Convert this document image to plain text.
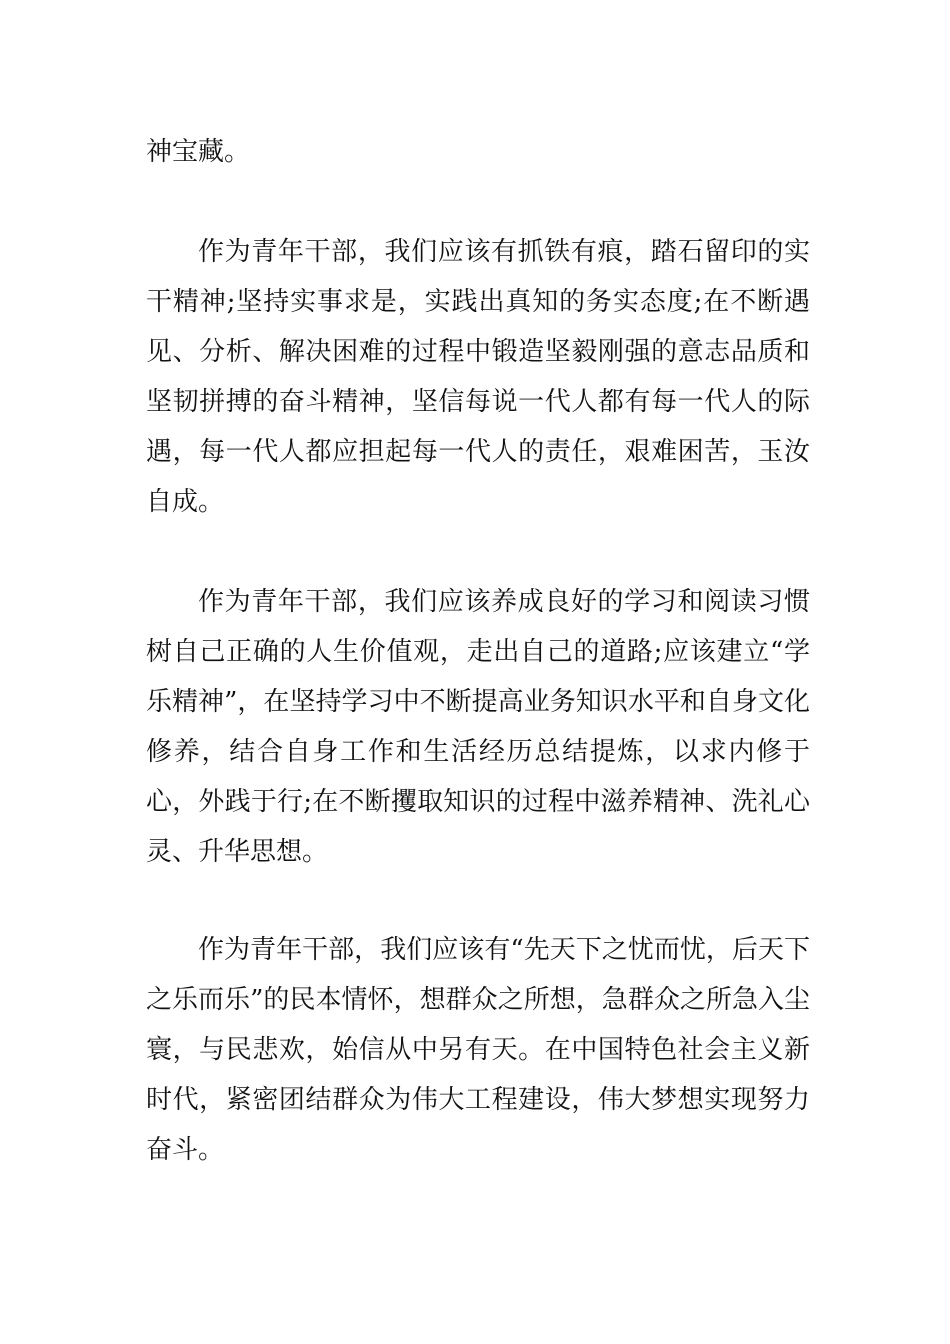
神宝藏。

作为青年干部，我们应该有抓铁有痕，踏石留印的实干精神;坚持实事求是，实践出真知的务实态度;在不断遇见、分析、解决困难的过程中锻造坚毅刚强的意志品质和坚韧拼搏的奋斗精神，坚信每说一代人都有每一代人的际遇，每一代人都应担起每一代人的责任，艰难困苦，玉汝自成。

作为青年干部，我们应该养成良好的学习和阅读习惯树自己正确的人生价值观，走出自己的道路;应该建立“学乐精神”，在坚持学习中不断提高业务知识水平和自身文化修养，结合自身工作和生活经历总结提炼，以求内修于心，外践于行;在不断攫取知识的过程中滋养精神、洗礼心灵、升华思想。

作为青年干部，我们应该有“先天下之忧而忧，后天下之乐而乐”的民本情怀，想群众之所想，急群众之所急入尘寰，与民悲欢，始信从中另有天。在中国特色社会主义新时代，紧密团结群众为伟大工程建设，伟大梦想实现努力奋斗。
